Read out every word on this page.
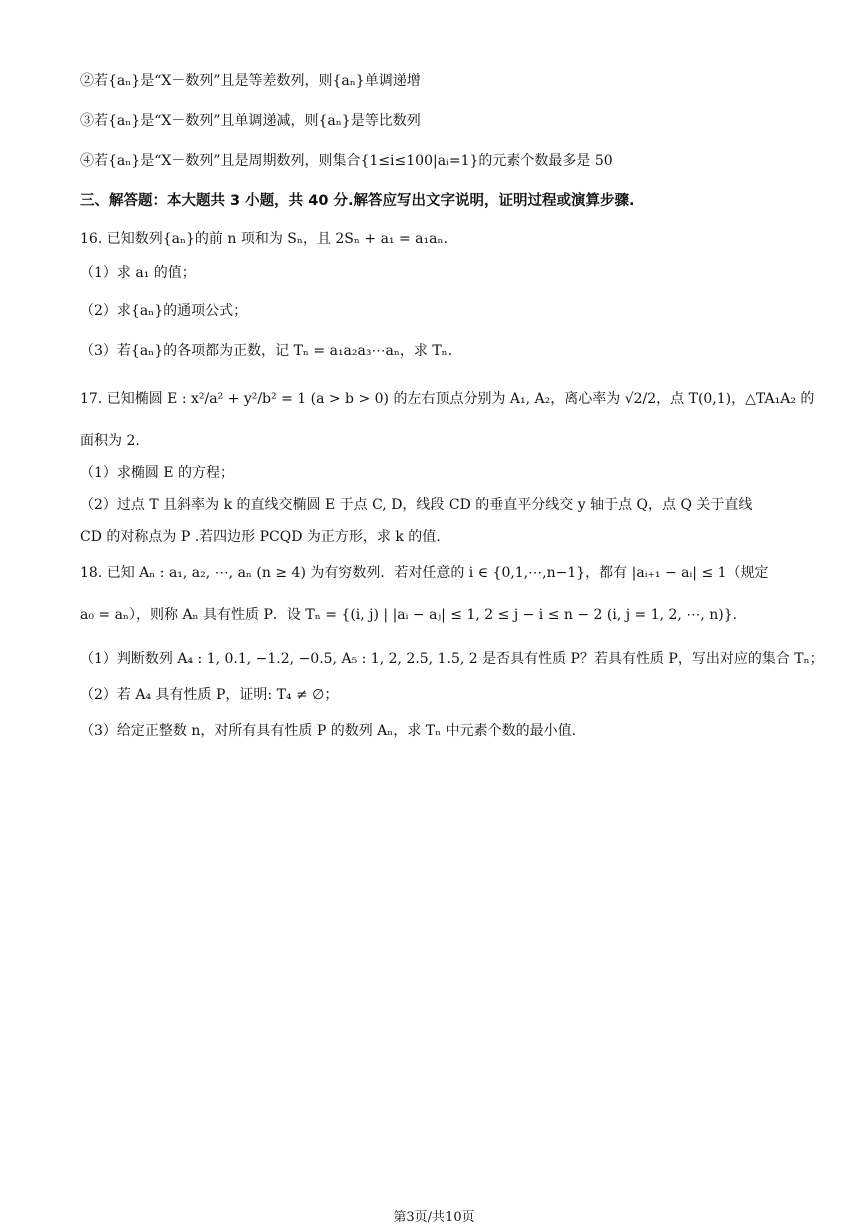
②若{aₙ}是“X－数列”且是等差数列，则{aₙ}单调递增
③若{aₙ}是“X－数列”且单调递减，则{aₙ}是等比数列
④若{aₙ}是“X－数列”且是周期数列，则集合{1≤i≤100|aᵢ=1}的元素个数最多是 50
三、解答题：本大题共 3 小题，共 40 分.解答应写出文字说明，证明过程或演算步骤.
16. 已知数列{aₙ}的前 n 项和为 Sₙ，且 2Sₙ + a₁ = a₁aₙ.
（1）求 a₁ 的值；
（2）求{aₙ}的通项公式；
（3）若{aₙ}的各项都为正数，记 Tₙ = a₁a₂a₃⋯aₙ，求 Tₙ.
17. 已知椭圆 E : x²/a² + y²/b² = 1 (a > b > 0) 的左右顶点分别为 A₁, A₂，离心率为 √2/2，点 T(0,1)，△TA₁A₂ 的
面积为 2.
（1）求椭圆 E 的方程；
（2）过点 T 且斜率为 k 的直线交椭圆 E 于点 C, D，线段 CD 的垂直平分线交 y 轴于点 Q，点 Q 关于直线
CD 的对称点为 P .若四边形 PCQD 为正方形，求 k 的值.
18. 已知 Aₙ : a₁, a₂, ⋯, aₙ (n ≥ 4) 为有穷数列．若对任意的 i ∈ {0,1,⋯,n−1}，都有 |aᵢ₊₁ − aᵢ| ≤ 1（规定
a₀ = aₙ），则称 Aₙ 具有性质 P．设 Tₙ = {(i, j) | |aᵢ − aⱼ| ≤ 1, 2 ≤ j − i ≤ n − 2 (i, j = 1, 2, ⋯, n)}.
（1）判断数列 A₄ : 1, 0.1, −1.2, −0.5, A₅ : 1, 2, 2.5, 1.5, 2 是否具有性质 P？若具有性质 P，写出对应的集合 Tₙ；
（2）若 A₄ 具有性质 P，证明: T₄ ≠ ∅；
（3）给定正整数 n，对所有具有性质 P 的数列 Aₙ，求 Tₙ 中元素个数的最小值.
第3页/共10页
